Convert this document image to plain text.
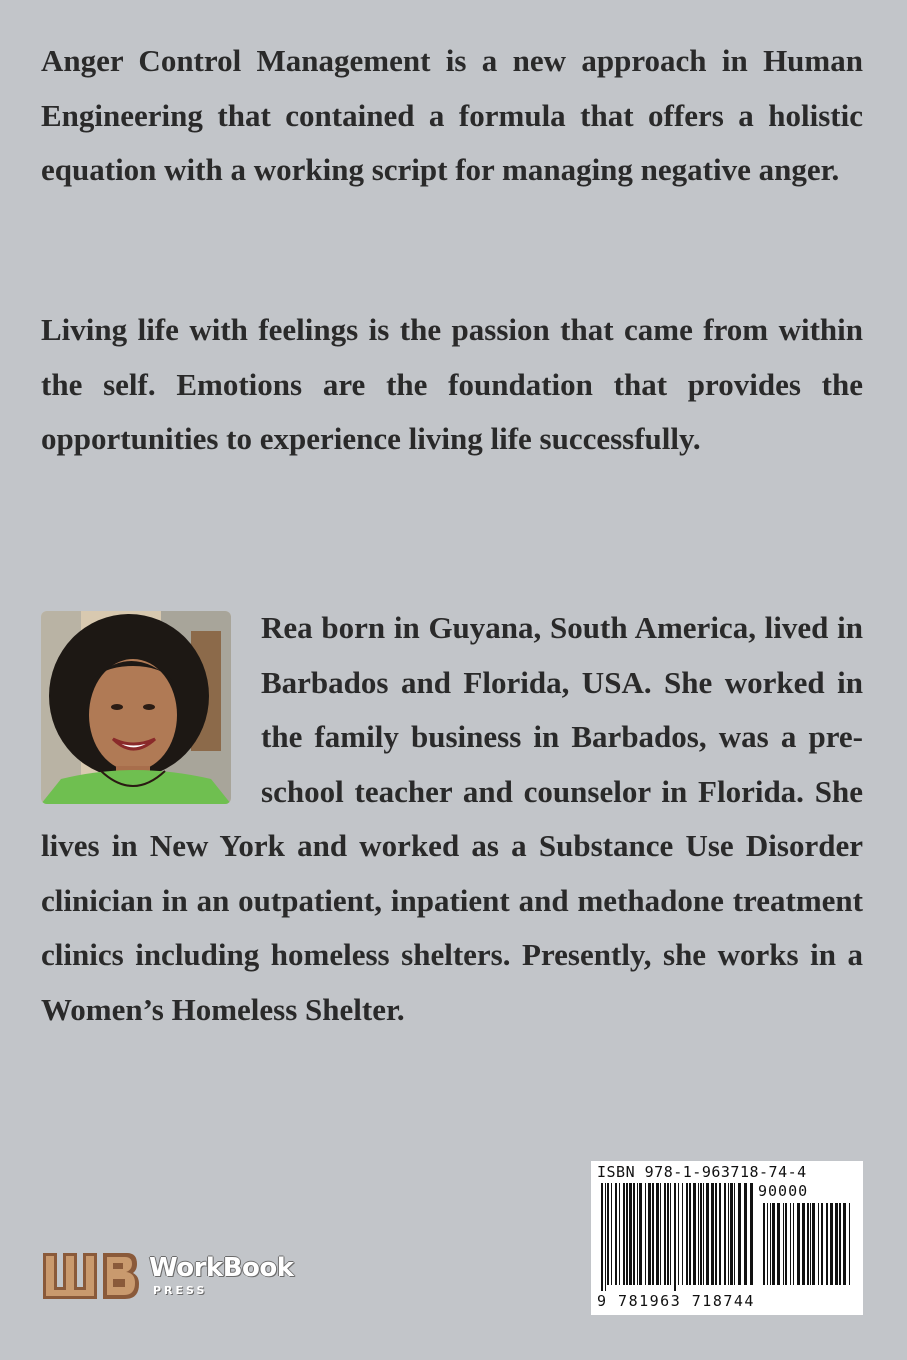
Anger Control Management is a new approach in Human Engineering that contained a formula that offers a holistic equation with a working script for managing negative anger.

Living life with feelings is the passion that came from within the self. Emotions are the foundation that provides the opportunities to experience living life successfully.

Rea born in Guyana, South America, lived in Barbados and Florida, USA. She worked in the family business in Barbados, was a pre-school teacher and counselor in Florida. She lives in New York and worked as a Substance Use Disorder clinician in an outpatient, inpatient and methadone treatment clinics including homeless shelters. Presently, she works in a Women’s Homeless Shelter.
ISBN 978-1-963718-74-4
90000
9 781963 718744
WorkBook
PRESS
